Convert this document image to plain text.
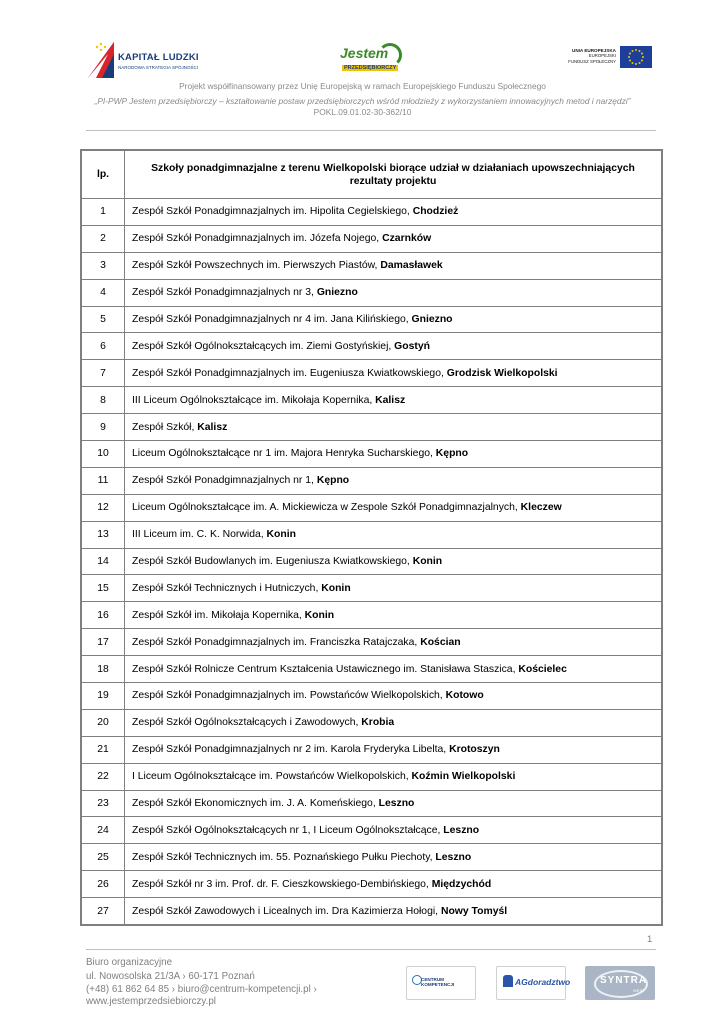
KAPITAŁ LUDZKI
NARODOWA STRATEGIA SPÓJNOŚCI
Jestem
PRZEDSIĘBIORCZY
UNIA EUROPEJSKA
EUROPEJSKI
FUNDUSZ SPOŁECZNY
Projekt współfinansowany przez Unię Europejską w ramach Europejskiego Funduszu Społecznego
„PI-PWP Jestem przedsiębiorczy – kształtowanie postaw przedsiębiorczych wśród młodzieży z wykorzystaniem innowacyjnych metod i narzędzi”
POKL.09.01.02-30-362/10
lp.	Szkoły ponadgimnazjalne z terenu Wielkopolski biorące udział w działaniach upowszechniających rezultaty projektu
1	Zespół Szkół Ponadgimnazjalnych im. Hipolita Cegielskiego, Chodzież
2	Zespół Szkół Ponadgimnazjalnych im. Józefa Nojego, Czarnków
3	Zespół Szkół Powszechnych im. Pierwszych Piastów, Damasławek
4	Zespół Szkół Ponadgimnazjalnych nr 3, Gniezno
5	Zespół Szkół Ponadgimnazjalnych nr 4 im. Jana Kilińskiego, Gniezno
6	Zespół Szkół Ogólnokształcących im. Ziemi Gostyńskiej, Gostyń
7	Zespół Szkół Ponadgimnazjalnych im. Eugeniusza Kwiatkowskiego, Grodzisk Wielkopolski
8	III Liceum Ogólnokształcące im. Mikołaja Kopernika, Kalisz
9	Zespół Szkół, Kalisz
10	Liceum Ogólnokształcące nr 1 im. Majora Henryka Sucharskiego, Kępno
11	Zespół Szkół Ponadgimnazjalnych nr 1, Kępno
12	Liceum Ogólnokształcące im. A. Mickiewicza w Zespole Szkół Ponadgimnazjalnych, Kleczew
13	III Liceum im. C. K. Norwida, Konin
14	Zespół Szkół Budowlanych im. Eugeniusza Kwiatkowskiego, Konin
15	Zespół Szkół Technicznych i Hutniczych, Konin
16	Zespół Szkół im. Mikołaja Kopernika, Konin
17	Zespół Szkół Ponadgimnazjalnych im. Franciszka Ratajczaka, Kościan
18	Zespół Szkół Rolnicze Centrum Kształcenia Ustawicznego im. Stanisława Staszica, Kościelec
19	Zespół Szkół Ponadgimnazjalnych im. Powstańców Wielkopolskich, Kotowo
20	Zespół Szkół Ogólnokształcących i Zawodowych, Krobia
21	Zespół Szkół Ponadgimnazjalnych nr 2 im. Karola Fryderyka Libelta, Krotoszyn
22	I Liceum Ogólnokształcące im. Powstańców Wielkopolskich, Koźmin Wielkopolski
23	Zespół Szkół Ekonomicznych im. J. A. Komeńskiego, Leszno
24	Zespół Szkół Ogólnokształcących nr 1, I Liceum Ogólnokształcące, Leszno
25	Zespół Szkół Technicznych im. 55. Poznańskiego Pułku Piechoty, Leszno
26	Zespół Szkół nr 3 im. Prof. dr. F. Cieszkowskiego-Dembińskiego, Międzychód
27	Zespół Szkół Zawodowych i Licealnych im. Dra Kazimierza Hołogi, Nowy Tomyśl
1
Biuro organizacyjne
ul. Nowosolska 21/3A › 60-171 Poznań
(+48) 61 862 64 85 › biuro@centrum-kompetencji.pl ›
www.jestemprzedsiebiorczy.pl
CENTRUM KOMPETENCJI	AGdoradztwo	SYNTRA
WEST
